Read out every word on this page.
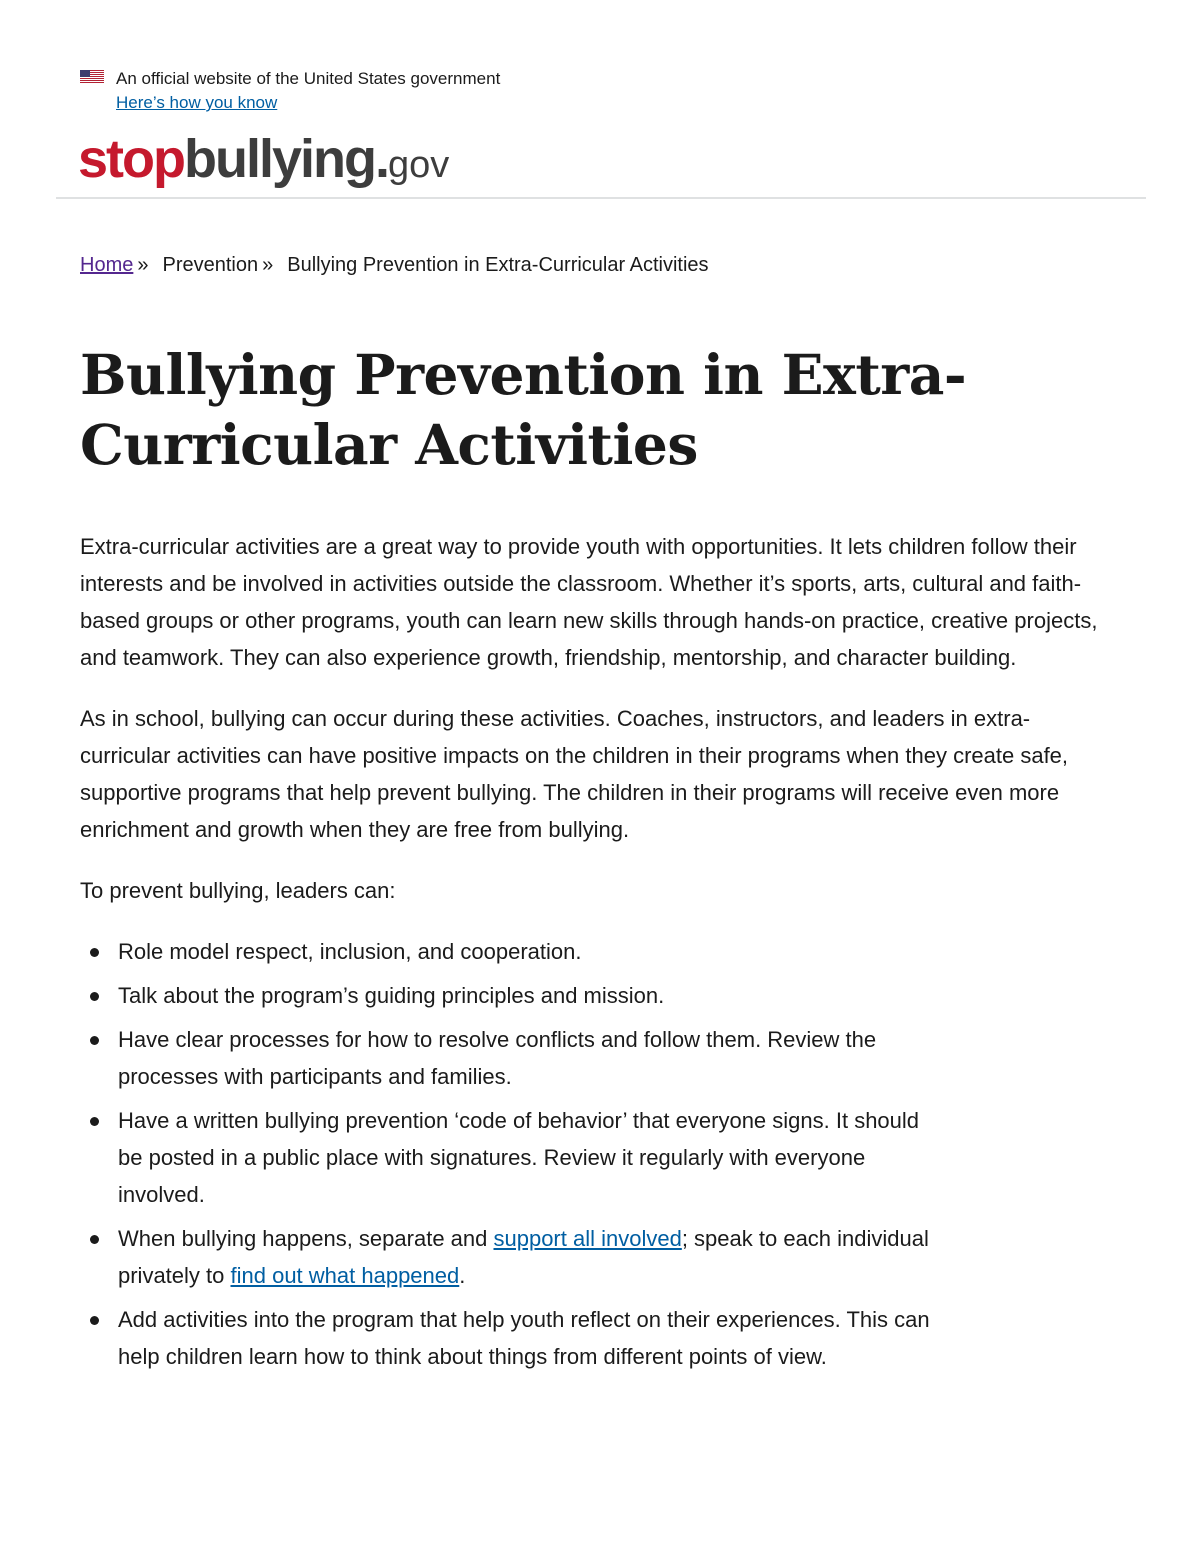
An official website of the United States government
Here’s how you know
stopbullying.gov
Home » Prevention » Bullying Prevention in Extra-Curricular Activities
Bullying Prevention in Extra-Curricular Activities

Extra-curricular activities are a great way to provide youth with opportunities. It lets children follow their interests and be involved in activities outside the classroom. Whether it’s sports, arts, cultural and faith-based groups or other programs, youth can learn new skills through hands-on practice, creative projects, and teamwork. They can also experience growth, friendship, mentorship, and character building.

As in school, bullying can occur during these activities. Coaches, instructors, and leaders in extra-curricular activities can have positive impacts on the children in their programs when they create safe, supportive programs that help prevent bullying. The children in their programs will receive even more enrichment and growth when they are free from bullying.

To prevent bullying, leaders can:

Role model respect, inclusion, and cooperation.
Talk about the program’s guiding principles and mission.
Have clear processes for how to resolve conflicts and follow them. Review the processes with participants and families.
Have a written bullying prevention ‘code of behavior’ that everyone signs. It should be posted in a public place with signatures. Review it regularly with everyone involved.
When bullying happens, separate and support all involved; speak to each individual privately to find out what happened.
Add activities into the program that help youth reflect on their experiences. This can help children learn how to think about things from different points of view.
